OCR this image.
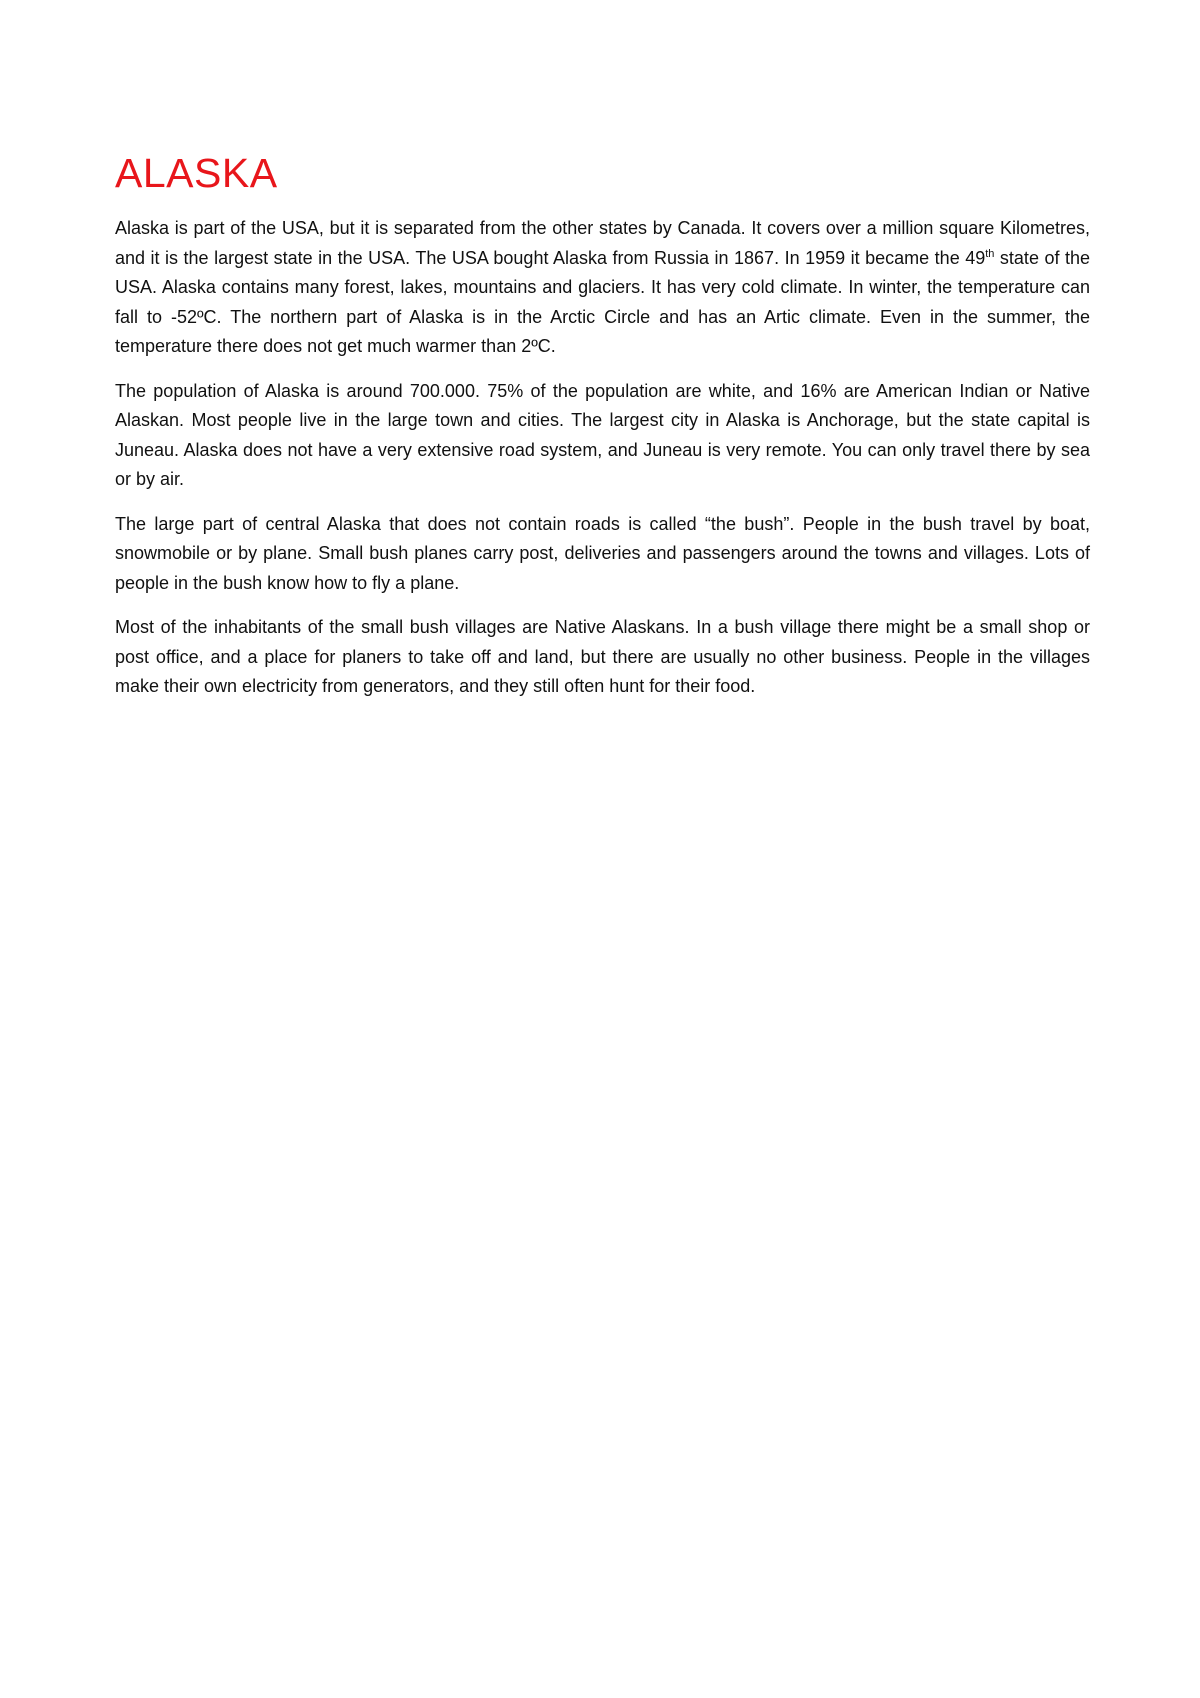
ALASKA

Alaska is part of the USA, but it is separated from the other states by Canada. It covers over a million square Kilometres, and it is the largest state in the USA. The USA bought Alaska from Russia in 1867. In 1959 it became the 49th state of the USA. Alaska contains many forest, lakes, mountains and glaciers. It has very cold climate. In winter, the temperature can fall to -52ºC. The northern part of Alaska is in the Arctic Circle and has an Artic climate. Even in the summer, the temperature there does not get much warmer than 2ºC.

The population of Alaska is around 700.000. 75% of the population are white, and 16% are American Indian or Native Alaskan. Most people live in the large town and cities. The largest city in Alaska is Anchorage, but the state capital is Juneau. Alaska does not have a very extensive road system, and Juneau is very remote. You can only travel there by sea or by air.

The large part of central Alaska that does not contain roads is called “the bush”. People in the bush travel by boat, snowmobile or by plane. Small bush planes carry post, deliveries and passengers around the towns and villages. Lots of people in the bush know how to fly a plane.

Most of the inhabitants of the small bush villages are Native Alaskans. In a bush village there might be a small shop or post office, and a place for planers to take off and land, but there are usually no other business. People in the villages make their own electricity from generators, and they still often hunt for their food.
